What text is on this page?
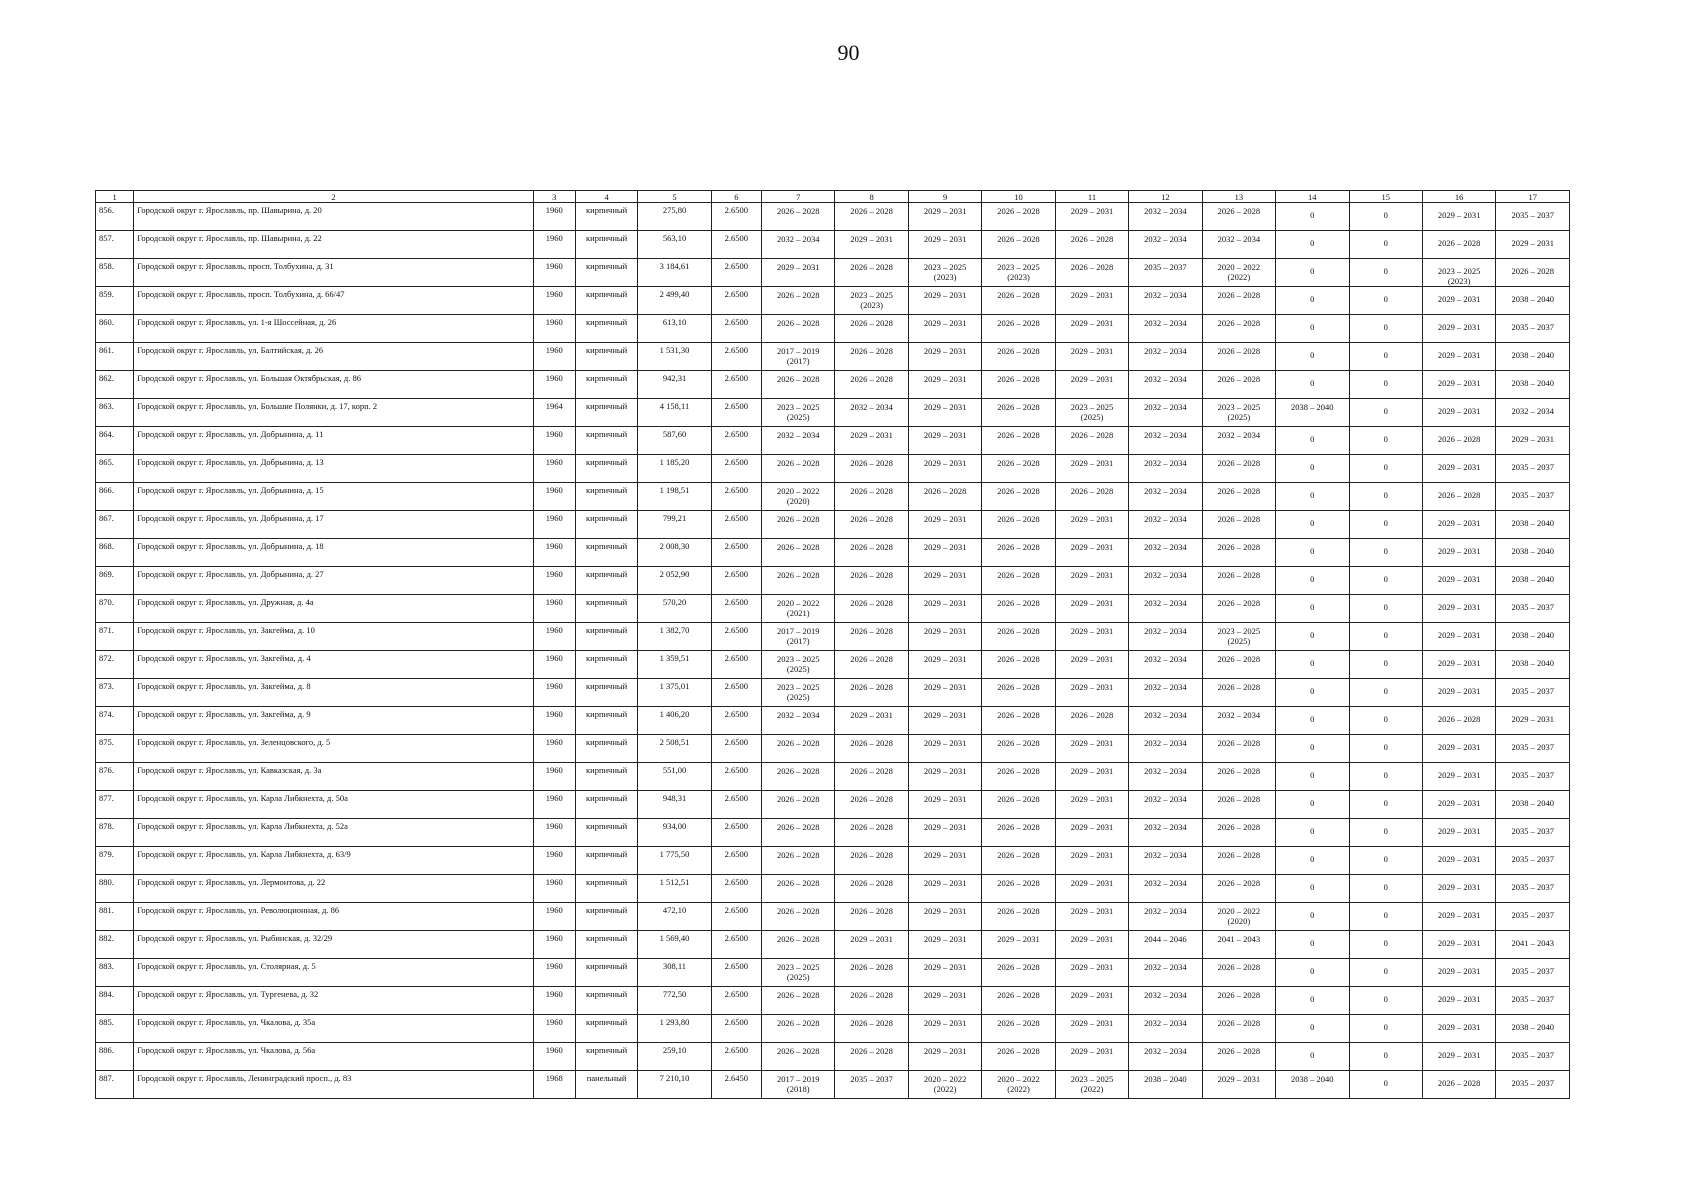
90
1	2	3	4	5	6	7	8	9	10	11	12	13	14	15	16	17
856.	Городской округ г. Ярославль, пр. Шавырина, д. 20	1960	кирпичный	275,80	2.6500	2026 – 2028	2026 – 2028	2029 – 2031	2026 – 2028	2029 – 2031	2032 – 2034	2026 – 2028	0	0	2029 – 2031	2035 – 2037

857.	Городской округ г. Ярославль, пр. Шавырина, д. 22	1960	кирпичный	563,10	2.6500	2032 – 2034	2029 – 2031	2029 – 2031	2026 – 2028	2026 – 2028	2032 – 2034	2032 – 2034	0	0	2026 – 2028	2029 – 2031

858.	Городской округ г. Ярославль, просп. Толбухина, д. 31	1960	кирпичный	3 184,61	2.6500	2029 – 2031	2026 – 2028	2023 – 2025
(2023)	2023 – 2025
(2023)	2026 – 2028	2035 – 2037	2020 – 2022
(2022)	0	0	2023 – 2025
(2023)	2026 – 2028

859.	Городской округ г. Ярославль, просп. Толбухина, д. 66/47	1960	кирпичный	2 499,40	2.6500	2026 – 2028	2023 – 2025
(2023)	2029 – 2031	2026 – 2028	2029 – 2031	2032 – 2034	2026 – 2028	0	0	2029 – 2031	2038 – 2040

860.	Городской округ г. Ярославль, ул. 1-я Шоссейная, д. 26	1960	кирпичный	613,10	2.6500	2026 – 2028	2026 – 2028	2029 – 2031	2026 – 2028	2029 – 2031	2032 – 2034	2026 – 2028	0	0	2029 – 2031	2035 – 2037

861.	Городской округ г. Ярославль, ул. Балтийская, д. 26	1960	кирпичный	1 531,30	2.6500	2017 – 2019
(2017)	2026 – 2028	2029 – 2031	2026 – 2028	2029 – 2031	2032 – 2034	2026 – 2028	0	0	2029 – 2031	2038 – 2040

862.	Городской округ г. Ярославль, ул. Большая Октябрьская, д. 86	1960	кирпичный	942,31	2.6500	2026 – 2028	2026 – 2028	2029 – 2031	2026 – 2028	2029 – 2031	2032 – 2034	2026 – 2028	0	0	2029 – 2031	2038 – 2040

863.	Городской округ г. Ярославль, ул. Большие Полянки, д. 17, корп. 2	1964	кирпичный	4 158,11	2.6500	2023 – 2025
(2025)	2032 – 2034	2029 – 2031	2026 – 2028	2023 – 2025
(2025)	2032 – 2034	2023 – 2025
(2025)	2038 – 2040	0	2029 – 2031	2032 – 2034

864.	Городской округ г. Ярославль, ул. Добрынина, д. 11	1960	кирпичный	587,60	2.6500	2032 – 2034	2029 – 2031	2029 – 2031	2026 – 2028	2026 – 2028	2032 – 2034	2032 – 2034	0	0	2026 – 2028	2029 – 2031

865.	Городской округ г. Ярославль, ул. Добрынина, д. 13	1960	кирпичный	1 185,20	2.6500	2026 – 2028	2026 – 2028	2029 – 2031	2026 – 2028	2029 – 2031	2032 – 2034	2026 – 2028	0	0	2029 – 2031	2035 – 2037

866.	Городской округ г. Ярославль, ул. Добрынина, д. 15	1960	кирпичный	1 198,51	2.6500	2020 – 2022
(2020)	2026 – 2028	2026 – 2028	2026 – 2028	2026 – 2028	2032 – 2034	2026 – 2028	0	0	2026 – 2028	2035 – 2037

867.	Городской округ г. Ярославль, ул. Добрынина, д. 17	1960	кирпичный	799,21	2.6500	2026 – 2028	2026 – 2028	2029 – 2031	2026 – 2028	2029 – 2031	2032 – 2034	2026 – 2028	0	0	2029 – 2031	2038 – 2040

868.	Городской округ г. Ярославль, ул. Добрынина, д. 18	1960	кирпичный	2 008,30	2.6500	2026 – 2028	2026 – 2028	2029 – 2031	2026 – 2028	2029 – 2031	2032 – 2034	2026 – 2028	0	0	2029 – 2031	2038 – 2040

869.	Городской округ г. Ярославль, ул. Добрынина, д. 27	1960	кирпичный	2 052,90	2.6500	2026 – 2028	2026 – 2028	2029 – 2031	2026 – 2028	2029 – 2031	2032 – 2034	2026 – 2028	0	0	2029 – 2031	2038 – 2040

870.	Городской округ г. Ярославль, ул. Дружная, д. 4а	1960	кирпичный	570,20	2.6500	2020 – 2022
(2021)	2026 – 2028	2029 – 2031	2026 – 2028	2029 – 2031	2032 – 2034	2026 – 2028	0	0	2029 – 2031	2035 – 2037

871.	Городской округ г. Ярославль, ул. Закгейма, д. 10	1960	кирпичный	1 382,70	2.6500	2017 – 2019
(2017)	2026 – 2028	2029 – 2031	2026 – 2028	2029 – 2031	2032 – 2034	2023 – 2025
(2025)	0	0	2029 – 2031	2038 – 2040

872.	Городской округ г. Ярославль, ул. Закгейма, д. 4	1960	кирпичный	1 359,51	2.6500	2023 – 2025
(2025)	2026 – 2028	2029 – 2031	2026 – 2028	2029 – 2031	2032 – 2034	2026 – 2028	0	0	2029 – 2031	2038 – 2040

873.	Городской округ г. Ярославль, ул. Закгейма, д. 8	1960	кирпичный	1 375,01	2.6500	2023 – 2025
(2025)	2026 – 2028	2029 – 2031	2026 – 2028	2029 – 2031	2032 – 2034	2026 – 2028	0	0	2029 – 2031	2035 – 2037

874.	Городской округ г. Ярославль, ул. Закгейма, д. 9	1960	кирпичный	1 406,20	2.6500	2032 – 2034	2029 – 2031	2029 – 2031	2026 – 2028	2026 – 2028	2032 – 2034	2032 – 2034	0	0	2026 – 2028	2029 – 2031

875.	Городской округ г. Ярославль, ул. Зеленцовского, д. 5	1960	кирпичный	2 508,51	2.6500	2026 – 2028	2026 – 2028	2029 – 2031	2026 – 2028	2029 – 2031	2032 – 2034	2026 – 2028	0	0	2029 – 2031	2035 – 2037

876.	Городской округ г. Ярославль, ул. Кавказская, д. 3а	1960	кирпичный	551,00	2.6500	2026 – 2028	2026 – 2028	2029 – 2031	2026 – 2028	2029 – 2031	2032 – 2034	2026 – 2028	0	0	2029 – 2031	2035 – 2037

877.	Городской округ г. Ярославль, ул. Карла Либкнехта, д. 50а	1960	кирпичный	948,31	2.6500	2026 – 2028	2026 – 2028	2029 – 2031	2026 – 2028	2029 – 2031	2032 – 2034	2026 – 2028	0	0	2029 – 2031	2038 – 2040

878.	Городской округ г. Ярославль, ул. Карла Либкнехта, д. 52а	1960	кирпичный	934,00	2.6500	2026 – 2028	2026 – 2028	2029 – 2031	2026 – 2028	2029 – 2031	2032 – 2034	2026 – 2028	0	0	2029 – 2031	2035 – 2037

879.	Городской округ г. Ярославль, ул. Карла Либкнехта, д. 63/9	1960	кирпичный	1 775,50	2.6500	2026 – 2028	2026 – 2028	2029 – 2031	2026 – 2028	2029 – 2031	2032 – 2034	2026 – 2028	0	0	2029 – 2031	2035 – 2037

880.	Городской округ г. Ярославль, ул. Лермонтова, д. 22	1960	кирпичный	1 512,51	2.6500	2026 – 2028	2026 – 2028	2029 – 2031	2026 – 2028	2029 – 2031	2032 – 2034	2026 – 2028	0	0	2029 – 2031	2035 – 2037

881.	Городской округ г. Ярославль, ул. Революционная, д. 86	1960	кирпичный	472,10	2.6500	2026 – 2028	2026 – 2028	2029 – 2031	2026 – 2028	2029 – 2031	2032 – 2034	2020 – 2022
(2020)	0	0	2029 – 2031	2035 – 2037

882.	Городской округ г. Ярославль, ул. Рыбинская, д. 32/29	1960	кирпичный	1 569,40	2.6500	2026 – 2028	2029 – 2031	2029 – 2031	2029 – 2031	2029 – 2031	2044 – 2046	2041 – 2043	0	0	2029 – 2031	2041 – 2043

883.	Городской округ г. Ярославль, ул. Столярная, д. 5	1960	кирпичный	308,11	2.6500	2023 – 2025
(2025)	2026 – 2028	2029 – 2031	2026 – 2028	2029 – 2031	2032 – 2034	2026 – 2028	0	0	2029 – 2031	2035 – 2037

884.	Городской округ г. Ярославль, ул. Тургенева, д. 32	1960	кирпичный	772,50	2.6500	2026 – 2028	2026 – 2028	2029 – 2031	2026 – 2028	2029 – 2031	2032 – 2034	2026 – 2028	0	0	2029 – 2031	2035 – 2037

885.	Городской округ г. Ярославль, ул. Чкалова, д. 35а	1960	кирпичный	1 293,80	2.6500	2026 – 2028	2026 – 2028	2029 – 2031	2026 – 2028	2029 – 2031	2032 – 2034	2026 – 2028	0	0	2029 – 2031	2038 – 2040

886.	Городской округ г. Ярославль, ул. Чкалова, д. 56а	1960	кирпичный	259,10	2.6500	2026 – 2028	2026 – 2028	2029 – 2031	2026 – 2028	2029 – 2031	2032 – 2034	2026 – 2028	0	0	2029 – 2031	2035 – 2037

887.	Городской округ г. Ярославль, Ленинградский просп., д. 83	1968	панельный	7 210,10	2.6450	2017 – 2019
(2018)	2035 – 2037	2020 – 2022
(2022)	2020 – 2022
(2022)	2023 – 2025
(2022)	2038 – 2040	2029 – 2031	2038 – 2040	0	2026 – 2028	2035 – 2037
